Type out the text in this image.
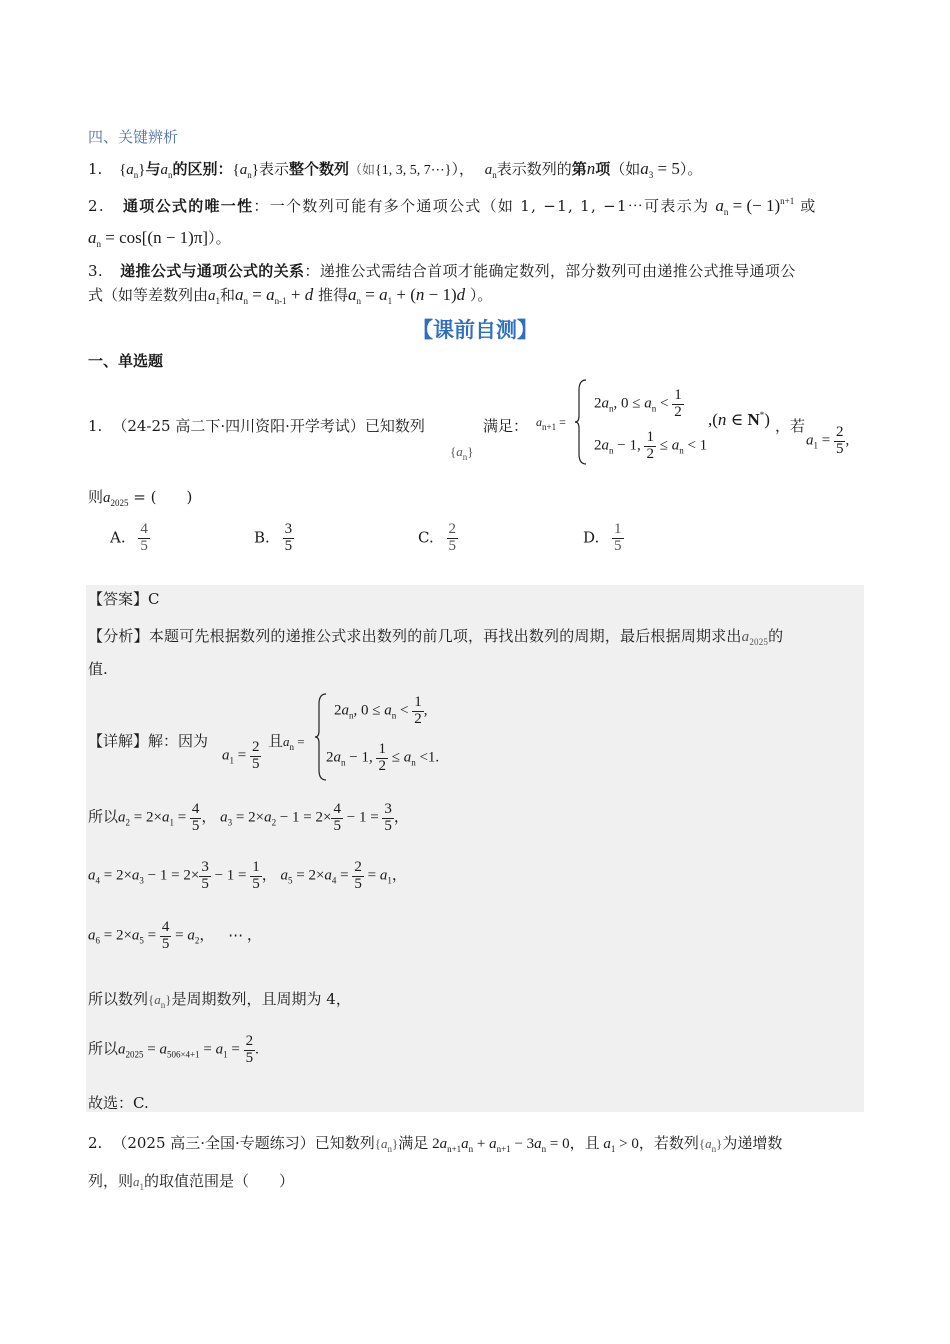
四、关键辨析
1. $\{a_n\}$与$a_n$的区别：$\{a_n\}$表示整个数列（如{1, 3, 5, 7⋯}）， $a_n$表示数列的第n项（如$a_3 = 5$）。
2. 通项公式的唯一性：一个数列可能有多个通项公式（如 1, −1, 1, −1⋯可表示为 $a_n$ = (− 1)$^{n+1}$ 或
$a_n = \cos[(n - 1)\pi]$）。
3. 递推公式与通项公式的关系：递推公式需结合首项才能确定数列，部分数列可由递推公式推导通项公
式（如等差数列由$a_1$和$a_n = a_{n-1} + d$ 推得$a_n = a_1 + (n - 1)d$ ）。
【课前自测】
一、单选题
1. （24-25 高二下·四川资阳·开学考试）已知数列
$\{a_n\}$
满足： $a_{n+1}$ =
$2a_n$, $0 \le a_n < \frac{1}{2}$
$2a_n - 1$, $\frac{1}{2} \le a_n < 1$
,(n ∈ N*) ，若
$a_1 = \frac{2}{5}$ ,
则$a_{2025}$ = (　　)
A. $\frac{4}{5}$	B. $\frac{3}{5}$	C. $\frac{2}{5}$	D. $\frac{1}{5}$
【答案】C
【分析】本题可先根据数列的递推公式求出数列的前几项，再找出数列的周期，最后根据周期求出$a_{2025}$的
值.
【详解】解：因为
$a_1 = \frac{2}{5}$ 且$a_n$ =
$2a_n$, $0 \le a_n < \frac{1}{2}$ ,
$2a_n - 1$, $\frac{1}{2} \le a_n <1$.
所以$a_2 = 2\times a_1 = \frac{4}{5}$ ， $a_3 = 2\times a_2 - 1 = 2\times \frac{4}{5} - 1 = \frac{3}{5}$ ，
$a_4 = 2\times a_3 - 1 = 2\times \frac{3}{5} - 1 = \frac{1}{5}$ ， $a_5 = 2\times a_4 = \frac{2}{5} = a_1$，
$a_6 = 2\times a_5 = \frac{4}{5} = a_2$， ⋯ ，
所以数列$\{a_n\}$是周期数列，且周期为 4，
所以$a_{2025} = a_{506\times 4+1} = a_1 = \frac{2}{5}$ .
故选：C.
2. （2025 高三·全国·专题练习）已知数列$\{a_n\}$满足 $2a_{n+1}a_n + a_{n+1} - 3a_n = 0$，且 $a_1 > 0$，若数列$\{a_n\}$为递增数
列，则$a_1$的取值范围是（　　）
